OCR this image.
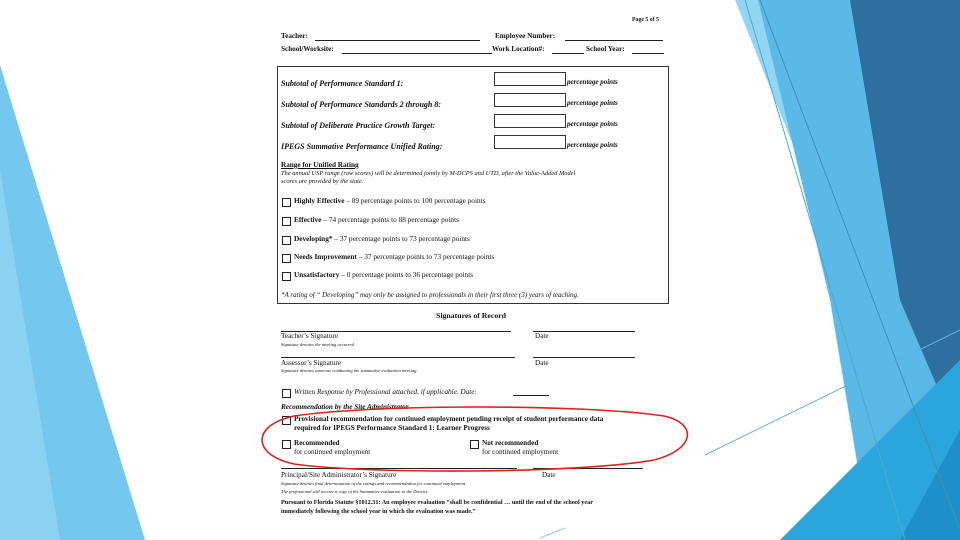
Page 5 of 5
Teacher:	Employee Number:
School/Worksite:	Work Location#:	School Year:
Subtotal of Performance Standard 1:	percentage points
Subtotal of Performance Standards 2 through 8:	percentage points
Subtotal of Deliberate Practice Growth Target:	percentage points
IPEGS Summative Performance Unified Rating:	percentage points
Range for Unified Rating
The annual USP range (raw scores) will be determined jointly by M-DCPS and UTD, after the Value-Added Model
scores are provided by the state.
Highly Effective – 89 percentage points to 100 percentage points
Effective – 74 percentage points to 88 percentage points
Developing* – 37 percentage points to 73 percentage points
Needs Improvement – 37 percentage points to 73 percentage points
Unsatisfactory – 0 percentage points to 36 percentage points
*A rating of “ Developing” may only be assigned to professionals in their first three (3) years of teaching.
Signatures of Record
Teacher’s Signature	Date
Signature denotes the meeting occurred.
Assessor’s Signature	Date
Signature denotes someone conducting the summative evaluation meeting.
Written Response by Professional attached, if applicable. Date:
Recommendation by the Site Administrator
Provisional recommendation for continued employment pending receipt of student performance data
required for IPEGS Performance Standard 1: Learner Progress
Recommended
for continued employment
Not recommended
for continued employment
Principal/Site Administrator’s Signature	Date
Signature denotes final determination of the ratings and recommendation for continued employment.
The professional will receive a copy of the Summative evaluation to the District.
Pursuant to Florida Statute §1012.31: An employee evaluation “shall be confidential … until the end of the school year
immediately following the school year in which the evaluation was made.”
